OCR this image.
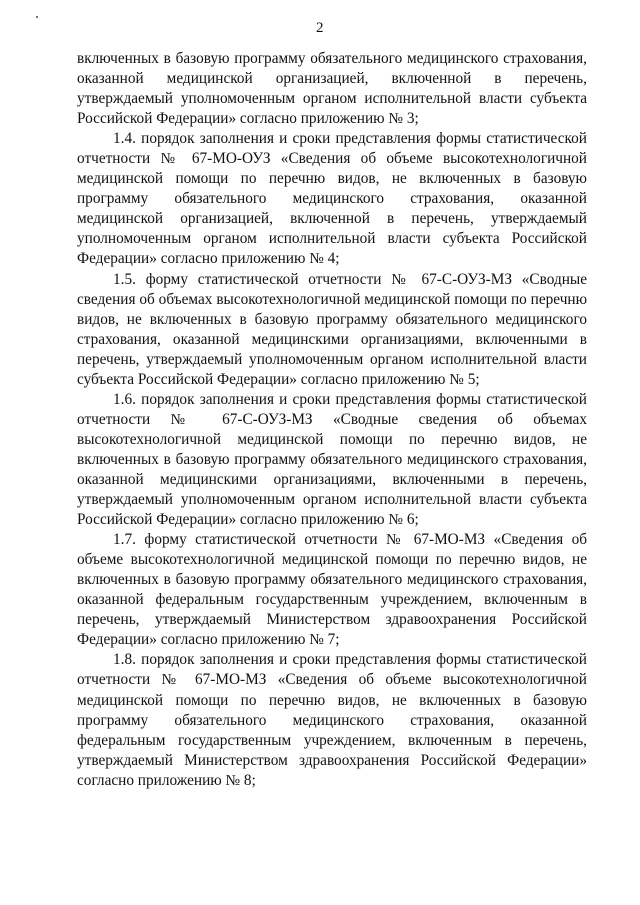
2

включенных в базовую программу обязательного медицинского страхования, оказанной медицинской организацией, включенной в перечень, утверждаемый уполномоченным органом исполнительной власти субъекта Российской Федерации» согласно приложению № 3;

1.4. порядок заполнения и сроки представления формы статистической отчетности № 67-МО-ОУЗ «Сведения об объеме высокотехнологичной медицинской помощи по перечню видов, не включенных в базовую программу обязательного медицинского страхования, оказанной медицинской организацией, включенной в перечень, утверждаемый уполномоченным органом исполнительной власти субъекта Российской Федерации» согласно приложению № 4;

1.5. форму статистической отчетности № 67-С-ОУЗ-МЗ «Сводные сведения об объемах высокотехнологичной медицинской помощи по перечню видов, не включенных в базовую программу обязательного медицинского страхования, оказанной медицинскими организациями, включенными в перечень, утверждаемый уполномоченным органом исполнительной власти субъекта Российской Федерации» согласно приложению № 5;

1.6. порядок заполнения и сроки представления формы статистической отчетности № 67-С-ОУЗ-МЗ «Сводные сведения об объемах высокотехнологичной медицинской помощи по перечню видов, не включенных в базовую программу обязательного медицинского страхования, оказанной медицинскими организациями, включенными в перечень, утверждаемый уполномоченным органом исполнительной власти субъекта Российской Федерации» согласно приложению № 6;

1.7. форму статистической отчетности № 67-МО-МЗ «Сведения об объеме высокотехнологичной медицинской помощи по перечню видов, не включенных в базовую программу обязательного медицинского страхования, оказанной федеральным государственным учреждением, включенным в перечень, утверждаемый Министерством здравоохранения Российской Федерации» согласно приложению № 7;

1.8. порядок заполнения и сроки представления формы статистической отчетности № 67-МО-МЗ «Сведения об объеме высокотехнологичной медицинской помощи по перечню видов, не включенных в базовую программу обязательного медицинского страхования, оказанной федеральным государственным учреждением, включенным в перечень, утверждаемый Министерством здравоохранения Российской Федерации» согласно приложению № 8;
